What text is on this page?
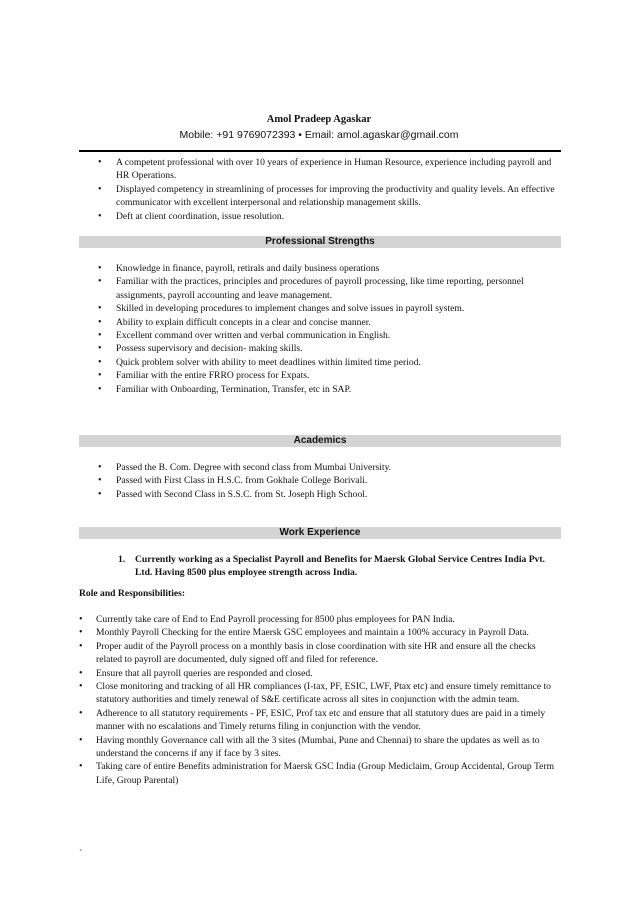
Amol Pradeep Agaskar
Mobile: +91 9769072393 • Email: amol.agaskar@gmail.com
• A competent professional with over 10 years of experience in Human Resource, experience including payroll and HR Operations.
• Displayed competency in streamlining of processes for improving the productivity and quality levels. An effective communicator with excellent interpersonal and relationship management skills.
• Deft at client coordination, issue resolution.
Professional Strengths
• Knowledge in finance, payroll, retirals and daily business operations
• Familiar with the practices, principles and procedures of payroll processing, like time reporting, personnel assignments, payroll accounting and leave management.
• Skilled in developing procedures to implement changes and solve issues in payroll system.
• Ability to explain difficult concepts in a clear and concise manner.
• Excellent command over written and verbal communication in English.
• Possess supervisory and decision- making skills.
• Quick problem solver with ability to meet deadlines within limited time period.
• Familiar with the entire FRRO process for Expats.
• Familiar with Onboarding, Termination, Transfer, etc in SAP.
Academics
• Passed the B. Com. Degree with second class from Mumbai University.
• Passed with First Class in H.S.C. from Gokhale College Borivali.
• Passed with Second Class in S.S.C. from St. Joseph High School.
Work Experience
1.	Currently working as a Specialist Payroll and Benefits for Maersk Global Service Centres India Pvt. Ltd. Having 8500 plus employee strength across India.
Role and Responsibilities:
• Currently take care of End to End Payroll processing for 8500 plus employees for PAN India.
• Monthly Payroll Checking for the entire Maersk GSC employees and maintain a 100% accuracy in Payroll Data.
• Proper audit of the Payroll process on a monthly basis in close coordination with site HR and ensure all the checks related to payroll are documented, duly signed off and filed for reference.
• Ensure that all payroll queries are responded and closed.
• Close monitoring and tracking of all HR compliances (I-tax, PF, ESIC, LWF, Ptax etc) and ensure timely remittance to statutory authorities and timely renewal of S&E certificate across all sites in conjunction with the admin team.
• Adherence to all statutory requirements - PF, ESIC, Prof tax etc and ensure that all statutory dues are paid in a timely manner with no escalations and Timely returns filing in conjunction with the vendor.
• Having monthly Governance call with all the 3 sites (Mumbai, Pune and Chennai) to share the updates as well as to understand the concerns if any if face by 3 sites.
• Taking care of entire Benefits administration for Maersk GSC India (Group Mediclaim, Group Accidental, Group Term Life, Group Parental)
`
